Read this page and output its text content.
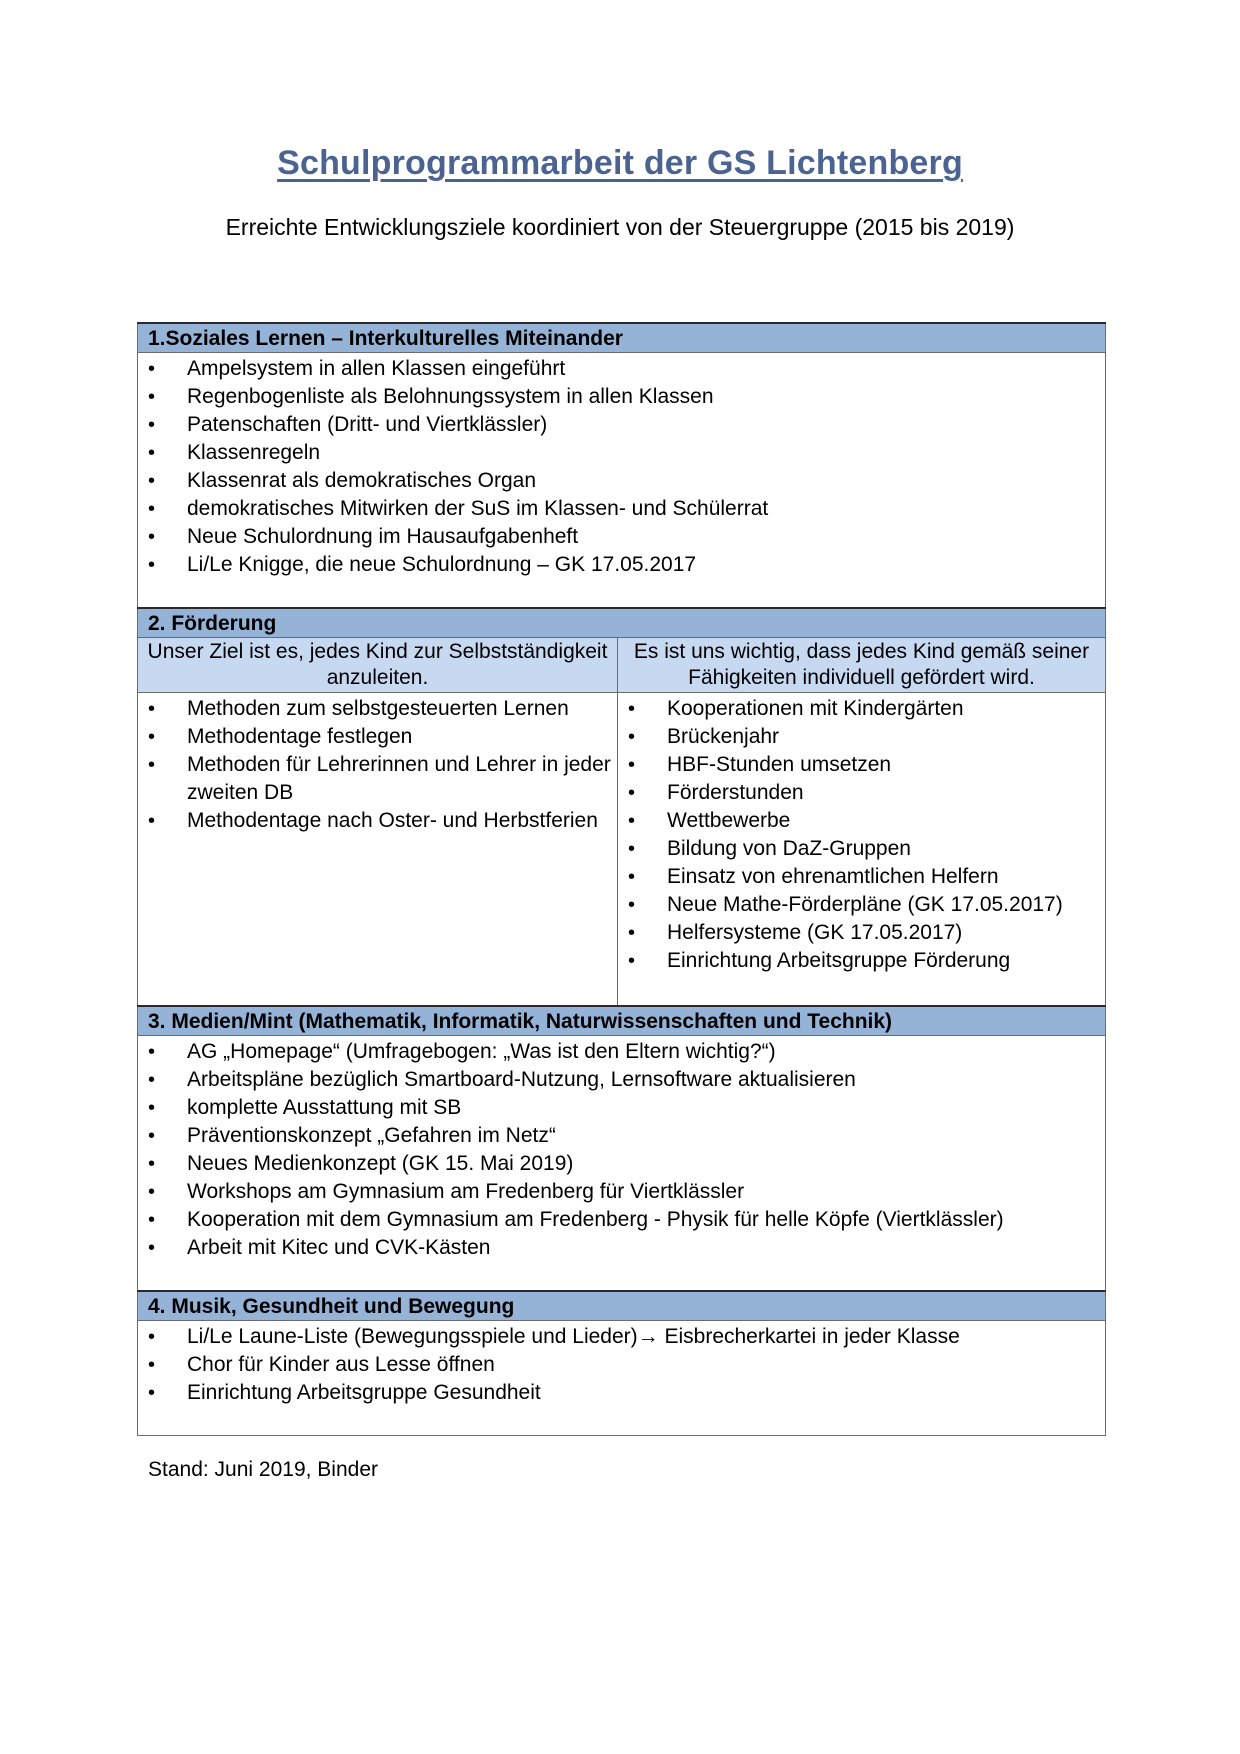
Schulprogrammarbeit der GS Lichtenberg
Erreichte Entwicklungsziele koordiniert von der Steuergruppe (2015 bis 2019)
1.Soziales Lernen – Interkulturelles Miteinander	

• Ampelsystem in allen Klassen eingeführt
• Regenbogenliste als Belohnungssystem in allen Klassen
• Patenschaften (Dritt- und Viertklässler)
• Klassenregeln
• Klassenrat als demokratisches Organ
• demokratisches Mitwirken der SuS im Klassen- und Schülerrat
• Neue Schulordnung im Hausaufgabenheft
• Li/Le Knigge, die neue Schulordnung – GK 17.05.2017

2. Förderung	
Unser Ziel ist es, jedes Kind zur Selbstständigkeit anzuleiten.	Es ist uns wichtig, dass jedes Kind gemäß seiner Fähigkeiten individuell gefördert wird.

• Methoden zum selbstgesteuerten Lernen
• Methodentage festlegen
• Methoden für Lehrerinnen und Lehrer in jeder zweiten DB
• Methodentage nach Oster- und Herbstferien

• Kooperationen mit Kindergärten
• Brückenjahr
• HBF-Stunden umsetzen
• Förderstunden
• Wettbewerbe
• Bildung von DaZ-Gruppen
• Einsatz von ehrenamtlichen Helfern
• Neue Mathe-Förderpläne (GK 17.05.2017)
• Helfersysteme (GK 17.05.2017)
• Einrichtung Arbeitsgruppe Förderung

3. Medien/Mint (Mathematik, Informatik, Naturwissenschaften und Technik)	

• AG „Homepage“ (Umfragebogen: „Was ist den Eltern wichtig?“)
• Arbeitspläne bezüglich Smartboard-Nutzung, Lernsoftware aktualisieren
• komplette Ausstattung mit SB
• Präventionskonzept „Gefahren im Netz“
• Neues Medienkonzept (GK 15. Mai 2019)
• Workshops am Gymnasium am Fredenberg für Viertklässler
• Kooperation mit dem Gymnasium am Fredenberg - Physik für helle Köpfe (Viertklässler)
• Arbeit mit Kitec und CVK-Kästen

4. Musik, Gesundheit und Bewegung	

• Li/Le Laune-Liste (Bewegungsspiele und Lieder)→ Eisbrecherkartei in jeder Klasse
• Chor für Kinder aus Lesse öffnen
• Einrichtung Arbeitsgruppe Gesundheit
Stand: Juni 2019, Binder
